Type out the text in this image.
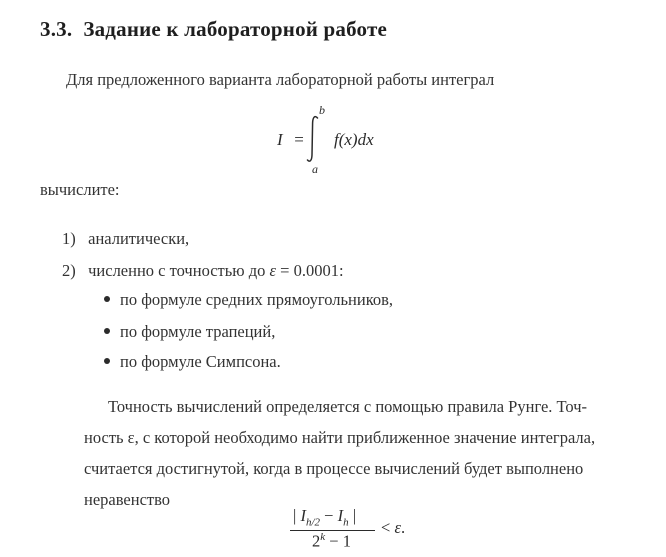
3.3. Задание к лабораторной работе
Для предложенного варианта лабораторной работы интеграл
I =
b
a
f(x)dx
вычислите:
1) аналитически,
2) численно с точностью до ε = 0.0001:
по формуле средних прямоугольников,
по формуле трапеций,
по формуле Симпсона.
Точность вычислений определяется с помощью правила Рунге. Точ-
ность ε, с которой необходимо найти приближенное значение интеграла,
считается достигнутой, когда в процессе вычислений будет выполнено
неравенство
| $I_{h/2} - I_h$ |
$2^k - 1$
< ε.
